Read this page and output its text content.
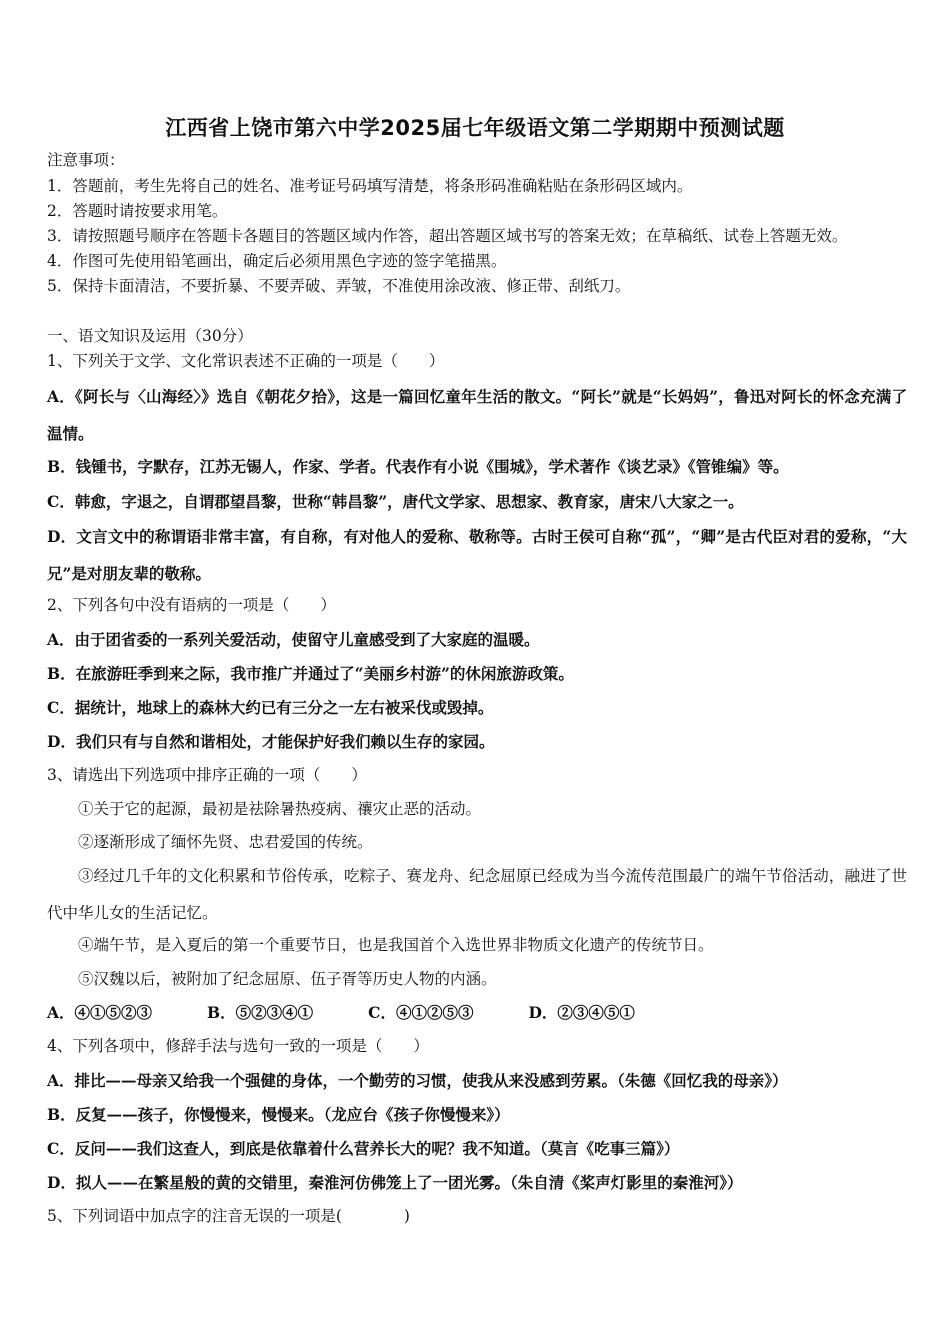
江西省上饶市第六中学2025届七年级语文第二学期期中预测试题
注意事项：
1．答题前，考生先将自己的姓名、准考证号码填写清楚，将条形码准确粘贴在条形码区域内。
2．答题时请按要求用笔。
3．请按照题号顺序在答题卡各题目的答题区域内作答，超出答题区域书写的答案无效；在草稿纸、试卷上答题无效。
4．作图可先使用铅笔画出，确定后必须用黑色字迹的签字笔描黑。
5．保持卡面清洁，不要折暴、不要弄破、弄皱，不准使用涂改液、修正带、刮纸刀。
一、语文知识及运用（30分）
1、下列关于文学、文化常识表述不正确的一项是（　　）
A．《阿长与〈山海经〉》选自《朝花夕拾》，这是一篇回忆童年生活的散文。“阿长”就是“长妈妈”，鲁迅对阿长的怀念充满了温情。
B．钱锺书，字默存，江苏无锡人，作家、学者。代表作有小说《围城》，学术著作《谈艺录》《管锥编》等。
C．韩愈，字退之，自谓郡望昌黎，世称“韩昌黎”，唐代文学家、思想家、教育家，唐宋八大家之一。
D．文言文中的称谓语非常丰富，有自称，有对他人的爱称、敬称等。古时王侯可自称“孤”，“卿”是古代臣对君的爱称，“大兄”是对朋友辈的敬称。
2、下列各句中没有语病的一项是（　　）
A．由于团省委的一系列关爱活动，使留守儿童感受到了大家庭的温暖。
B．在旅游旺季到来之际，我市推广并通过了“美丽乡村游”的休闲旅游政策。
C．据统计，地球上的森林大约已有三分之一左右被采伐或毁掉。
D．我们只有与自然和谐相处，才能保护好我们赖以生存的家园。
3、请选出下列选项中排序正确的一项（　　）
①关于它的起源，最初是祛除暑热疫病、禳灾止恶的活动。
②逐渐形成了缅怀先贤、忠君爱国的传统。
③经过几千年的文化积累和节俗传承，吃粽子、赛龙舟、纪念屈原已经成为当今流传范围最广的端午节俗活动，融进了世代中华儿女的生活记忆。
④端午节，是入夏后的第一个重要节日，也是我国首个入选世界非物质文化遗产的传统节日。
⑤汉魏以后，被附加了纪念屈原、伍子胥等历史人物的内涵。
4、下列各项中，修辞手法与选句一致的一项是（　　）
A．排比——母亲又给我一个强健的身体，一个勤劳的习惯，使我从来没感到劳累。（朱德《回忆我的母亲》）
B．反复——孩子，你慢慢来，慢慢来。（龙应台《孩子你慢慢来》）
C．反问——我们这查人，到底是依靠着什么营养长大的呢？我不知道。（莫言《吃事三篇》）
D．拟人——在繁星般的黄的交错里，秦淮河仿佛笼上了一团光雾。（朱自清《桨声灯影里的秦淮河》）
5、下列词语中加点字的注音无误的一项是(　　　　)
A．④①⑤②③	B．⑤②③④①	C．④①②⑤③	D．②③④⑤①
